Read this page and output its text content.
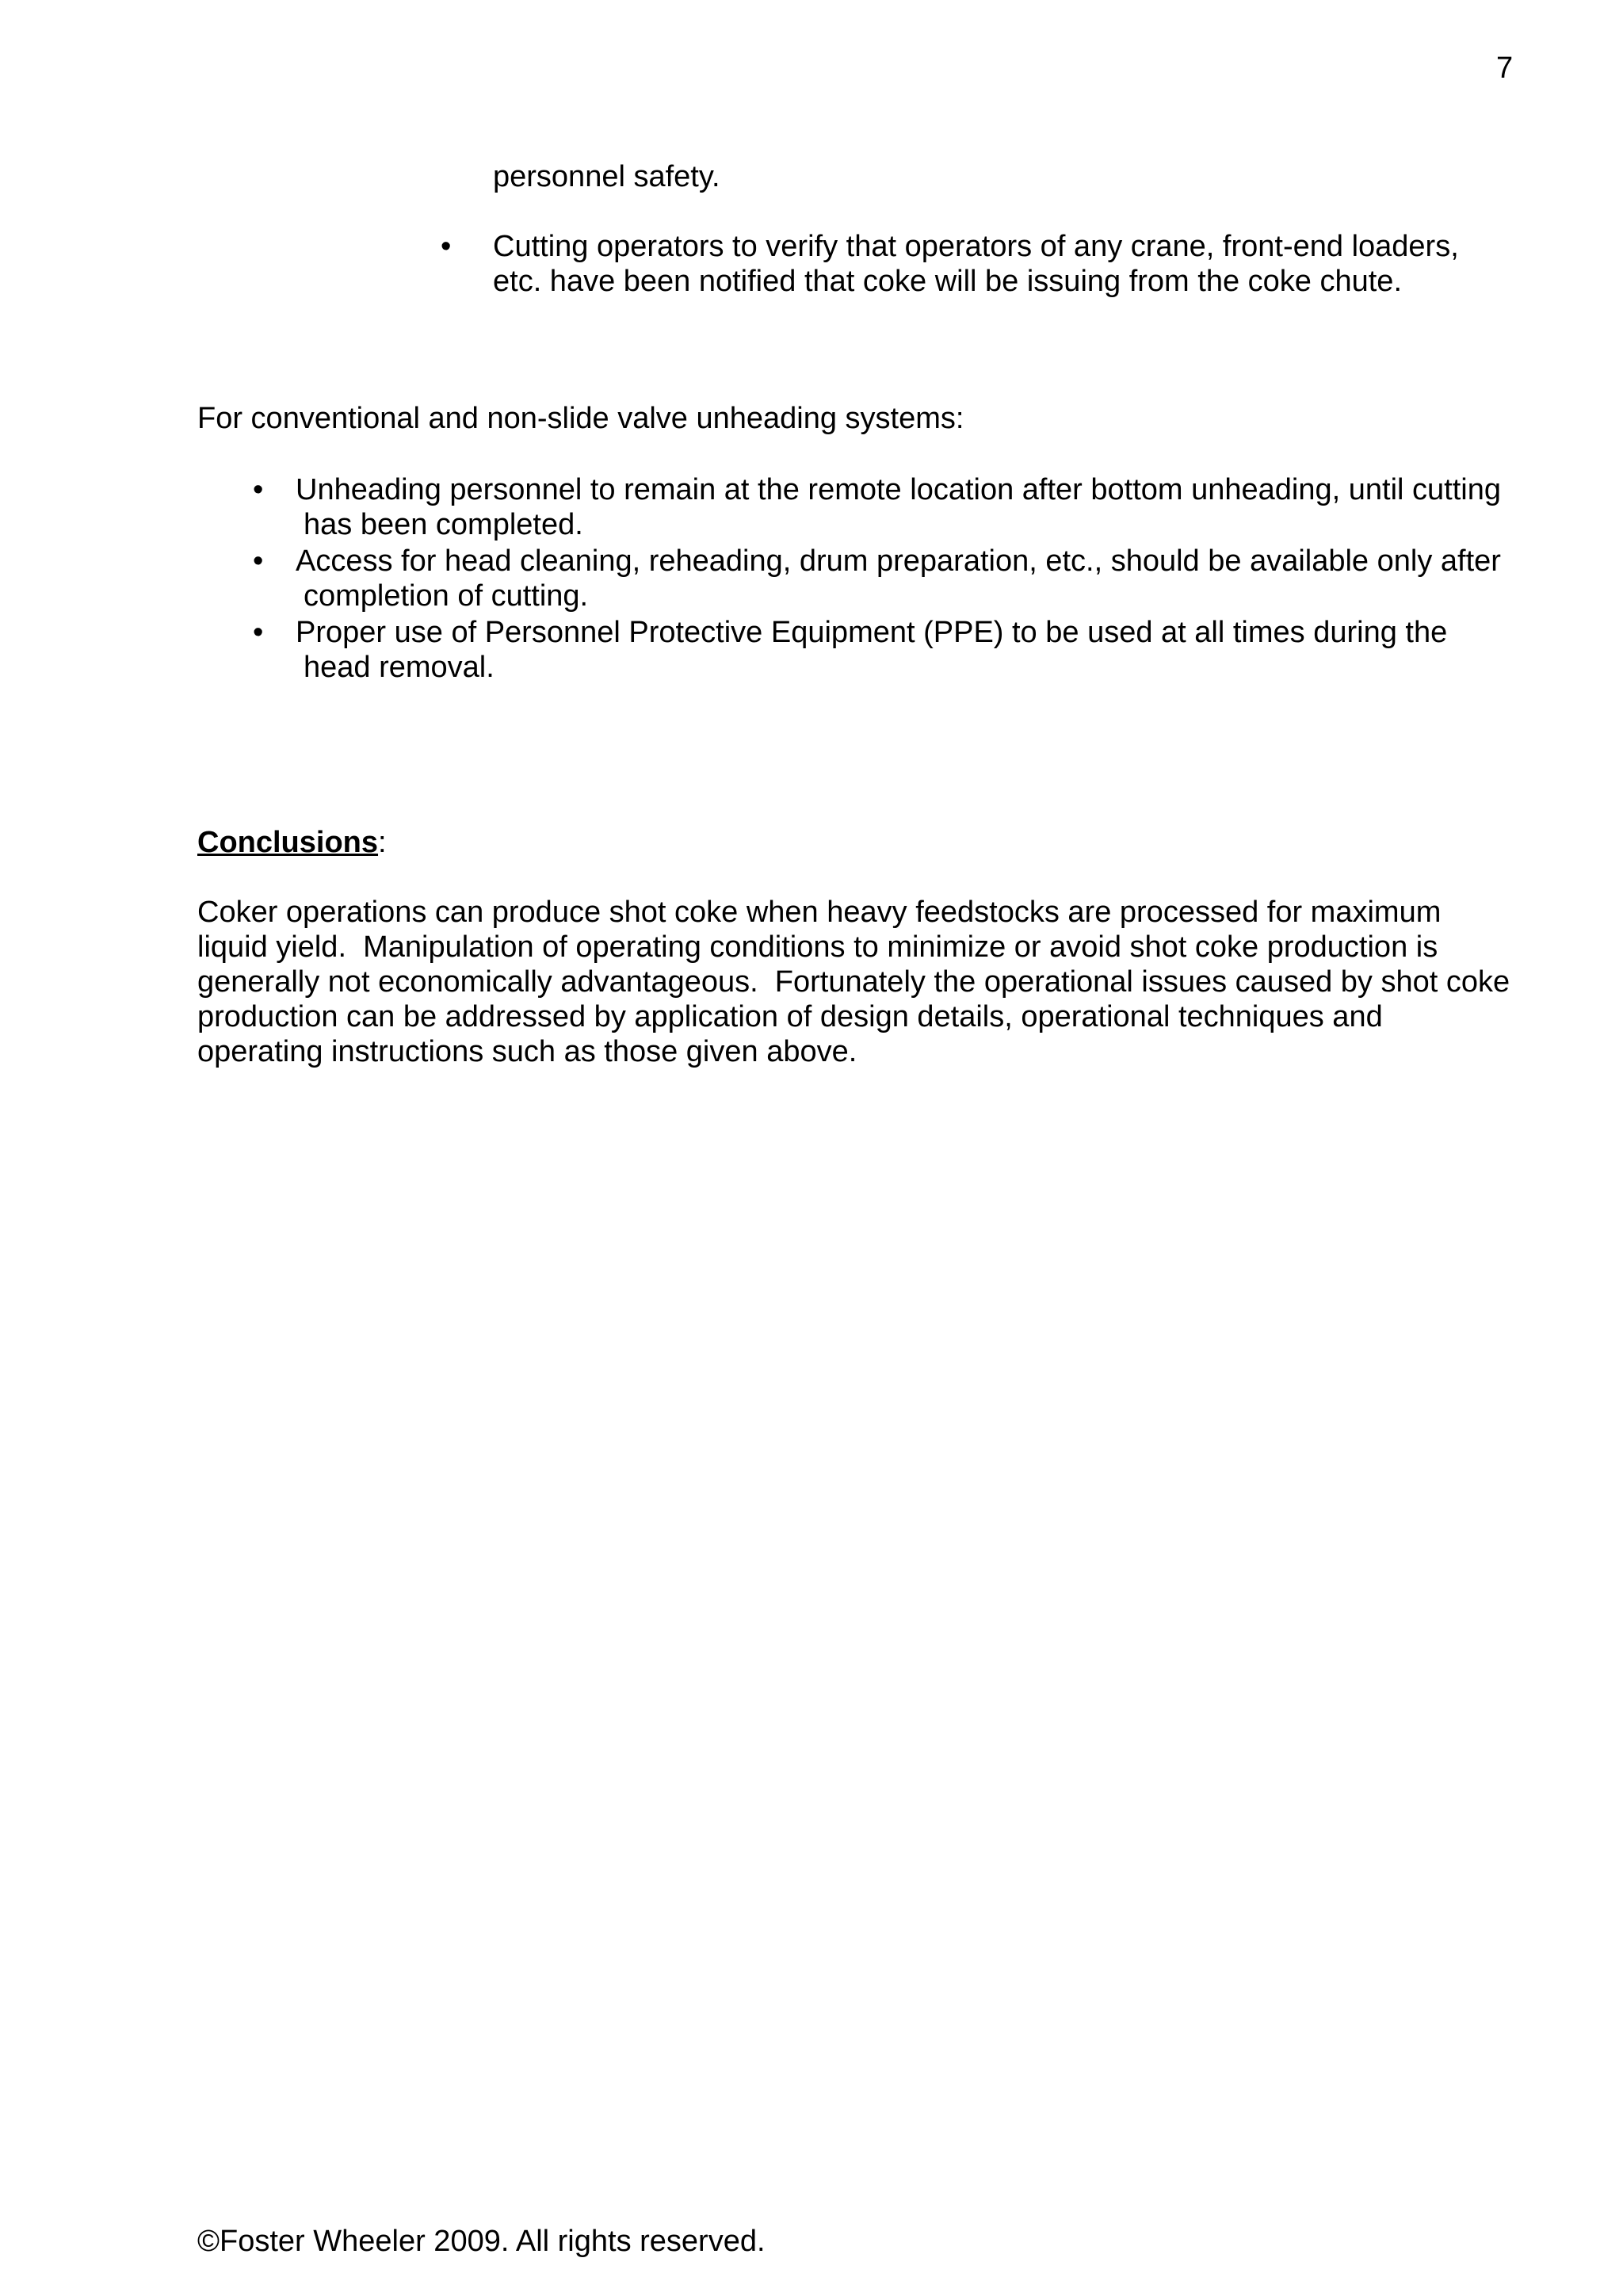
7
personnel safety.
• Cutting operators to verify that operators of any crane, front-end loaders,
etc. have been notified that coke will be issuing from the coke chute.
For conventional and non-slide valve unheading systems:
• Unheading personnel to remain at the remote location after bottom unheading, until cutting
has been completed.
• Access for head cleaning, reheading, drum preparation, etc., should be available only after
completion of cutting.
• Proper use of Personnel Protective Equipment (PPE) to be used at all times during the
head removal.
Conclusions:
Coker operations can produce shot coke when heavy feedstocks are processed for maximum
liquid yield.  Manipulation of operating conditions to minimize or avoid shot coke production is
generally not economically advantageous.  Fortunately the operational issues caused by shot coke
production can be addressed by application of design details, operational techniques and
operating instructions such as those given above.
©Foster Wheeler 2009. All rights reserved.
